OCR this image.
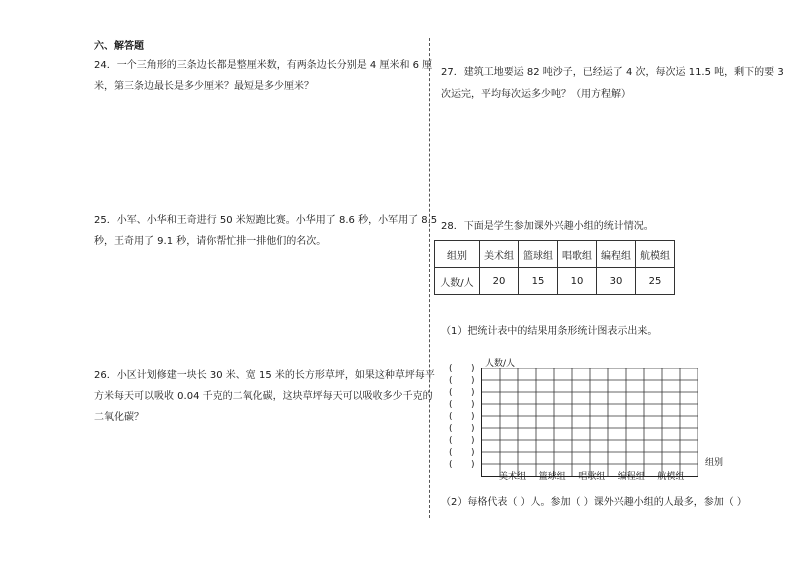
六、解答题
24．一个三角形的三条边长都是整厘米数，有两条边长分别是 4 厘米和 6 厘
米，第三条边最长是多少厘米？最短是多少厘米？
25．小军、小华和王奇进行 50 米短跑比赛。小华用了 8.6 秒，小军用了 8.5
秒，王奇用了 9.1 秒，请你帮忙排一排他们的名次。
26．小区计划修建一块长 30 米、宽 15 米的长方形草坪，如果这种草坪每平
方米每天可以吸收 0.04 千克的二氧化碳，这块草坪每天可以吸收多少千克的
二氧化碳？
27．建筑工地要运 82 吨沙子，已经运了 4 次，每次运 11.5 吨，剩下的要 3
次运完，平均每次运多少吨？（用方程解）
28．下面是学生参加课外兴趣小组的统计情况。
组别	美术组	篮球组	唱歌组	编程组	航模组
人数/人	20	15	10	30	25
（1）把统计表中的结果用条形统计图表示出来。
人数/人
组别
( )
( )
( )
( )
( )
( )
( )
( )
( )
美术组 篮球组 唱歌组 编程组 航模组
（2）每格代表（ ）人。参加（ ）课外兴趣小组的人最多，参加（ ）
